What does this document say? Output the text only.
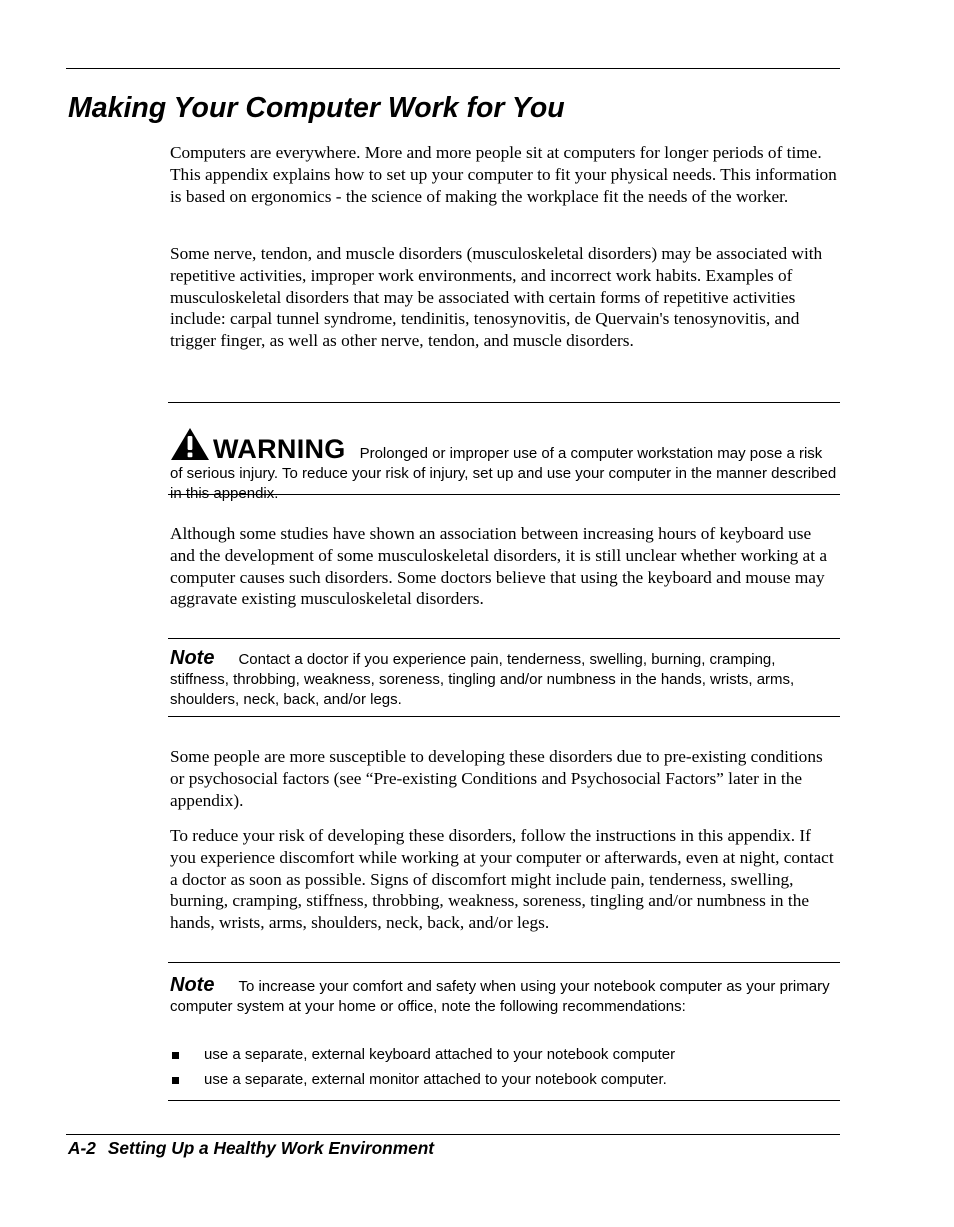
Making Your Computer Work for You

Computers are everywhere. More and more people sit at computers for longer periods of time. This appendix explains how to set up your computer to fit your physical needs. This information is based on ergonomics - the science of making the workplace fit the needs of the worker.

Some nerve, tendon, and muscle disorders (musculoskeletal disorders) may be associated with repetitive activities, improper work environments, and incorrect work habits. Examples of musculoskeletal disorders that may be associated with certain forms of repetitive activities include: carpal tunnel syndrome, tendinitis, tenosynovitis, de Quervain's tenosynovitis, and trigger finger, as well as other nerve, tendon, and muscle disorders.

WARNING Prolonged or improper use of a computer workstation may pose a risk of serious injury. To reduce your risk of injury, set up and use your computer in the manner described in this appendix.

Although some studies have shown an association between increasing hours of keyboard use and the development of some musculoskeletal disorders, it is still unclear whether working at a computer causes such disorders. Some doctors believe that using the keyboard and mouse may aggravate existing musculoskeletal disorders.

Note Contact a doctor if you experience pain, tenderness, swelling, burning, cramping, stiffness, throbbing, weakness, soreness, tingling and/or numbness in the hands, wrists, arms, shoulders, neck, back, and/or legs.

Some people are more susceptible to developing these disorders due to pre-existing conditions or psychosocial factors (see “Pre-existing Conditions and Psychosocial Factors” later in the appendix).

To reduce your risk of developing these disorders, follow the instructions in this appendix. If you experience discomfort while working at your computer or afterwards, even at night, contact a doctor as soon as possible. Signs of discomfort might include pain, tenderness, swelling, burning, cramping, stiffness, throbbing, weakness, soreness, tingling and/or numbness in the hands, wrists, arms, shoulders, neck, back, and/or legs.

Note To increase your comfort and safety when using your notebook computer as your primary computer system at your home or office, note the following recommendations:

use a separate, external keyboard attached to your notebook computer
use a separate, external monitor attached to your notebook computer.

A-2 Setting Up a Healthy Work Environment
